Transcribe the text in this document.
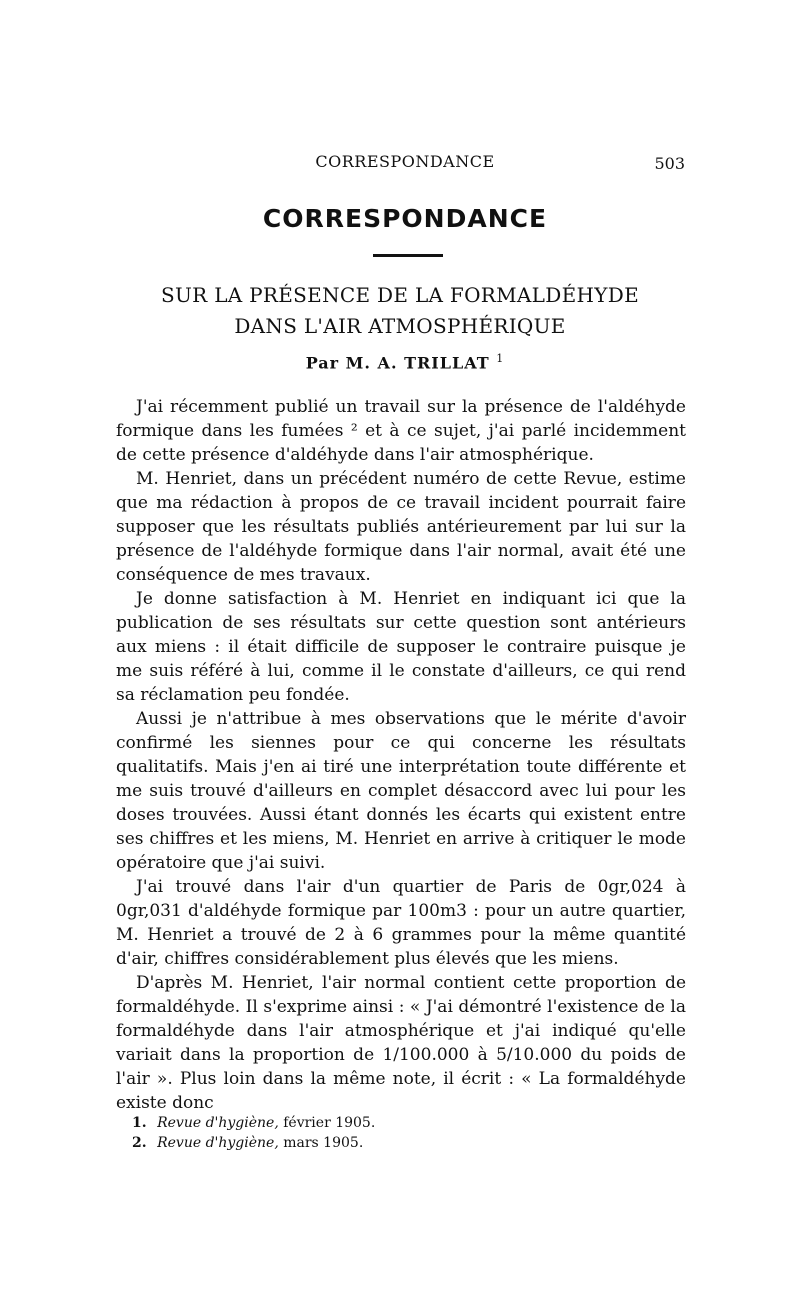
CORRESPONDANCE	503
CORRESPONDANCE
SUR LA PRÉSENCE DE LA FORMALDÉHYDE
DANS L'AIR ATMOSPHÉRIQUE
Par M. A. TRILLAT $^1$

J'ai récemment publié un travail sur la présence de l'aldéhyde formique dans les fumées ² et à ce sujet, j'ai parlé incidemment de cette présence d'aldéhyde dans l'air atmosphérique.

M. Henriet, dans un précédent numéro de cette Revue, estime que ma rédaction à propos de ce travail incident pourrait faire supposer que les résultats publiés antérieurement par lui sur la présence de l'aldéhyde formique dans l'air normal, avait été une conséquence de mes travaux.

Je donne satisfaction à M. Henriet en indiquant ici que la publication de ses résultats sur cette question sont antérieurs aux miens : il était difficile de supposer le contraire puisque je me suis référé à lui, comme il le constate d'ailleurs, ce qui rend sa réclamation peu fondée.

Aussi je n'attribue à mes observations que le mérite d'avoir confirmé les siennes pour ce qui concerne les résultats qualitatifs. Mais j'en ai tiré une interprétation toute différente et me suis trouvé d'ailleurs en complet désaccord avec lui pour les doses trouvées. Aussi étant donnés les écarts qui existent entre ses chiffres et les miens, M. Henriet en arrive à critiquer le mode opératoire que j'ai suivi.

J'ai trouvé dans l'air d'un quartier de Paris de 0gr,024 à 0gr,031 d'aldéhyde formique par 100m3 : pour un autre quartier, M. Henriet a trouvé de 2 à 6 grammes pour la même quantité d'air, chiffres considérablement plus élevés que les miens.

D'après M. Henriet, l'air normal contient cette proportion de formaldéhyde. Il s'exprime ainsi : « J'ai démontré l'existence de la formaldéhyde dans l'air atmosphérique et j'ai indiqué qu'elle variait dans la proportion de 1/100.000 à 5/10.000 du poids de l'air ». Plus loin dans la même note, il écrit : « La formaldéhyde existe donc

1. Revue d'hygiène, février 1905.
2. Revue d'hygiène, mars 1905.
